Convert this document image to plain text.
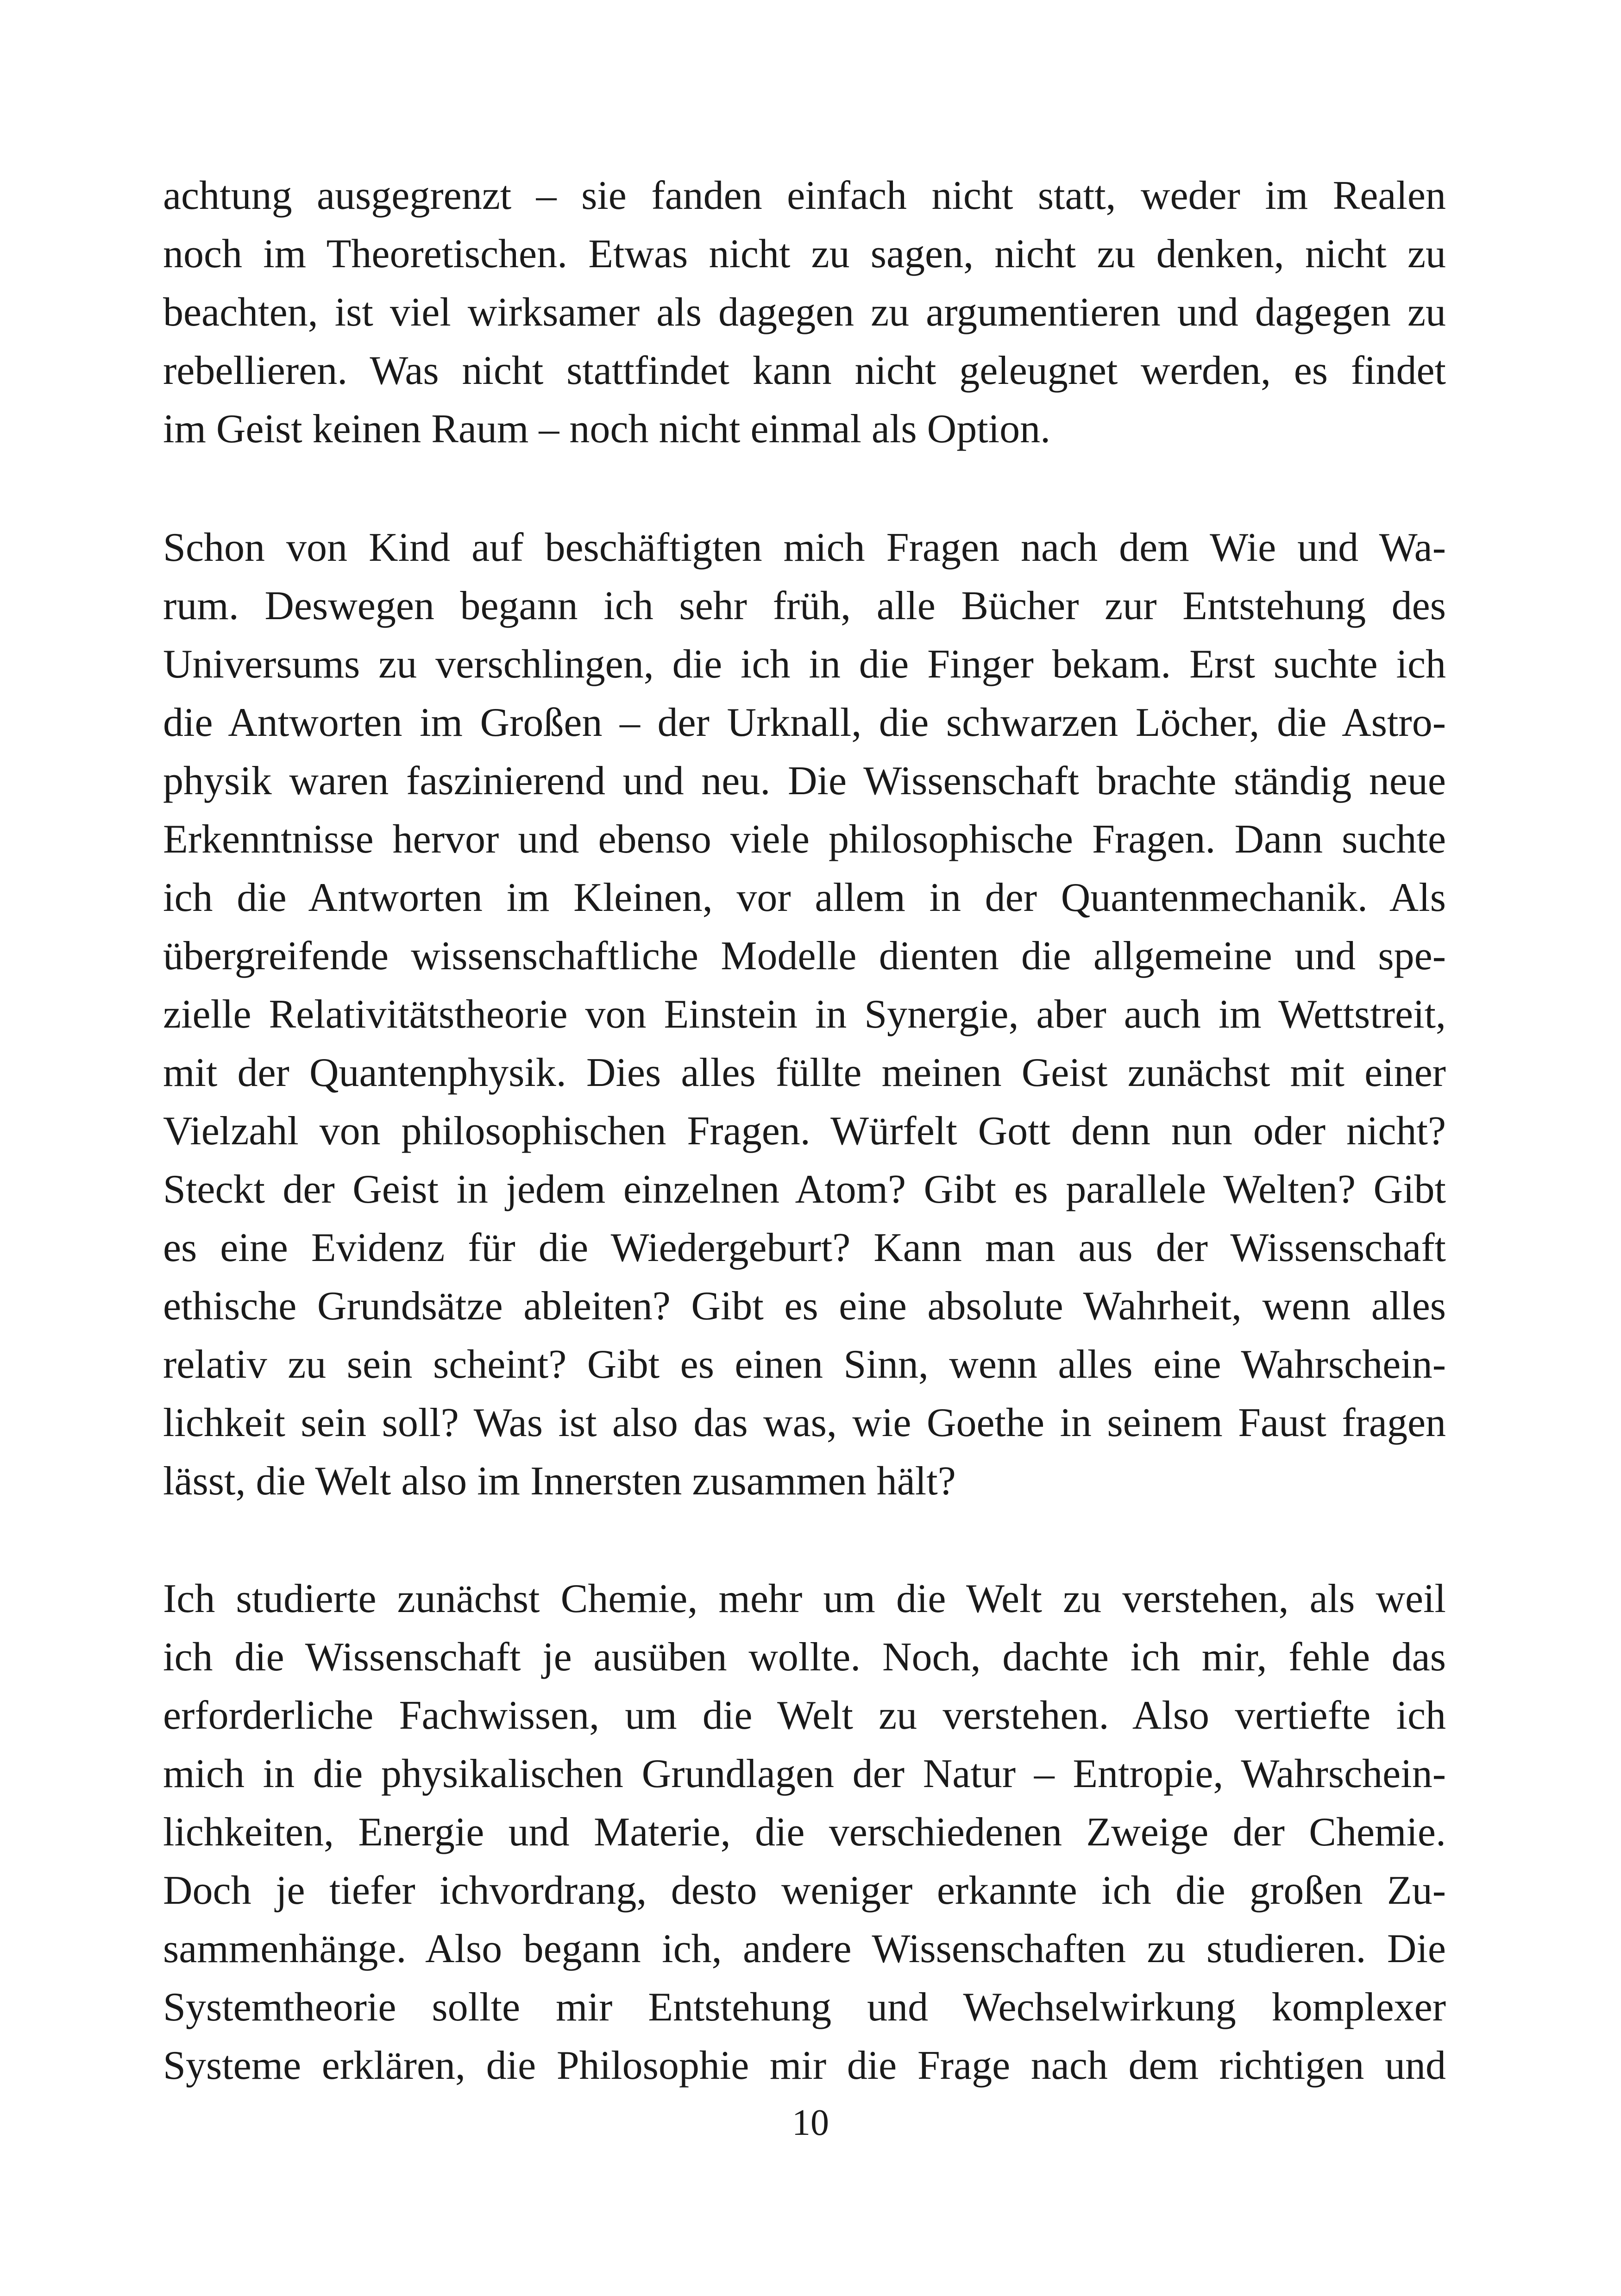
achtung ausgegrenzt – sie fanden einfach nicht statt, weder im Realen
noch im Theoretischen. Etwas nicht zu sagen, nicht zu denken, nicht zu
beachten, ist viel wirksamer als dagegen zu argumentieren und dagegen zu
rebellieren. Was nicht stattfindet kann nicht geleugnet werden, es findet
im Geist keinen Raum – noch nicht einmal als Option.
Schon von Kind auf beschäftigten mich Fragen nach dem Wie und Wa-
rum. Deswegen begann ich sehr früh, alle Bücher zur Entstehung des
Universums zu verschlingen, die ich in die Finger bekam. Erst suchte ich
die Antworten im Großen – der Urknall, die schwarzen Löcher, die Astro-
physik waren faszinierend und neu. Die Wissenschaft brachte ständig neue
Erkenntnisse hervor und ebenso viele philosophische Fragen. Dann suchte
ich die Antworten im Kleinen, vor allem in der Quantenmechanik. Als
übergreifende wissenschaftliche Modelle dienten die allgemeine und spe-
zielle Relativitätstheorie von Einstein in Synergie, aber auch im Wettstreit,
mit der Quantenphysik. Dies alles füllte meinen Geist zunächst mit einer
Vielzahl von philosophischen Fragen. Würfelt Gott denn nun oder nicht?
Steckt der Geist in jedem einzelnen Atom? Gibt es parallele Welten? Gibt
es eine Evidenz für die Wiedergeburt? Kann man aus der Wissenschaft
ethische Grundsätze ableiten? Gibt es eine absolute Wahrheit, wenn alles
relativ zu sein scheint? Gibt es einen Sinn, wenn alles eine Wahrschein-
lichkeit sein soll? Was ist also das was, wie Goethe in seinem Faust fragen
lässt, die Welt also im Innersten zusammen hält?
Ich studierte zunächst Chemie, mehr um die Welt zu verstehen, als weil
ich die Wissenschaft je ausüben wollte. Noch, dachte ich mir, fehle das
erforderliche Fachwissen, um die Welt zu verstehen. Also vertiefte ich
mich in die physikalischen Grundlagen der Natur – Entropie, Wahrschein-
lichkeiten, Energie und Materie, die verschiedenen Zweige der Chemie.
Doch je tiefer ichvordrang, desto weniger erkannte ich die großen Zu-
sammenhänge. Also begann ich, andere Wissenschaften zu studieren. Die
Systemtheorie sollte mir Entstehung und Wechselwirkung komplexer
Systeme erklären, die Philosophie mir die Frage nach dem richtigen und
10
